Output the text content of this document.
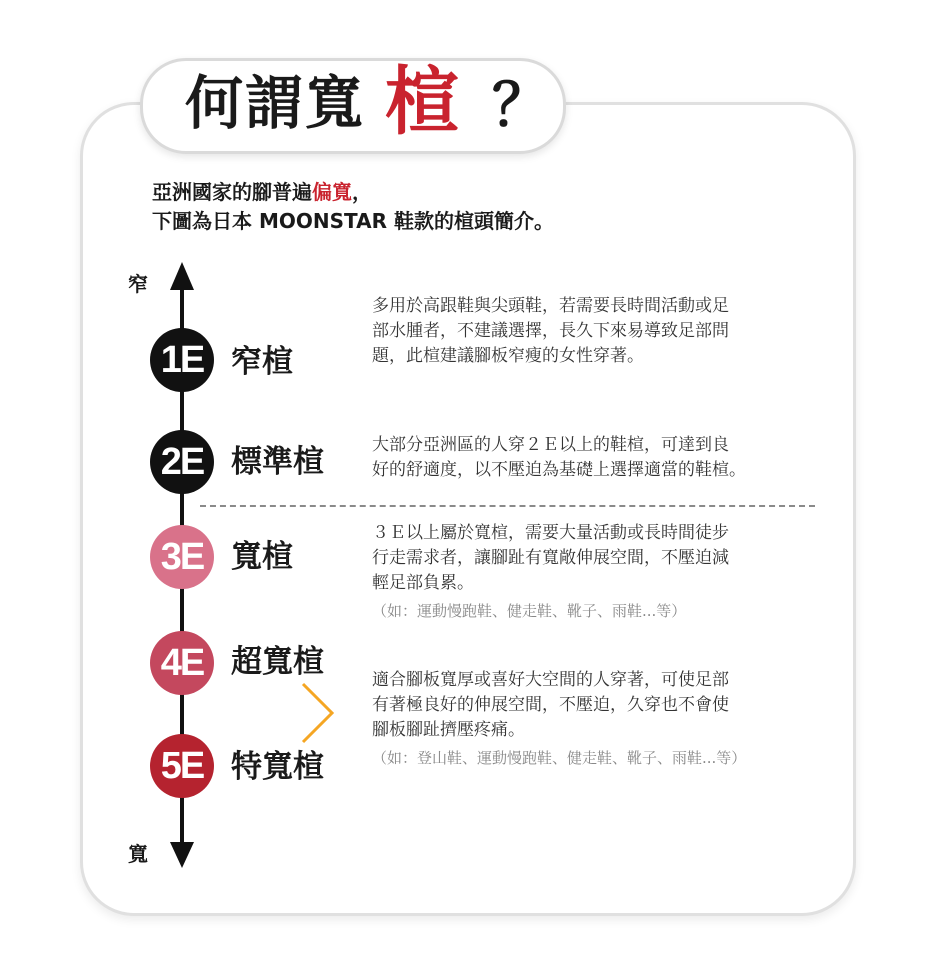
何謂寬 楦 ？
亞洲國家的腳普遍偏寬，
下圖為日本 MOONSTAR 鞋款的楦頭簡介。
窄
寬
1E
2E
3E
4E
5E
窄楦
標準楦
寬楦
超寬楦
特寬楦
多用於高跟鞋與尖頭鞋，若需要長時間活動或足
部水腫者，不建議選擇，長久下來易導致足部問
題，此楦建議腳板窄瘦的女性穿著。
大部分亞洲區的人穿２Ｅ以上的鞋楦，可達到良
好的舒適度，以不壓迫為基礎上選擇適當的鞋楦。
３Ｅ以上屬於寬楦，需要大量活動或長時間徒步
行走需求者，讓腳趾有寬敞伸展空間，不壓迫減
輕足部負累。
（如：運動慢跑鞋、健走鞋、靴子、雨鞋...等）
適合腳板寬厚或喜好大空間的人穿著，可使足部
有著極良好的伸展空間，不壓迫，久穿也不會使
腳板腳趾擠壓疼痛。
（如：登山鞋、運動慢跑鞋、健走鞋、靴子、雨鞋...等）
